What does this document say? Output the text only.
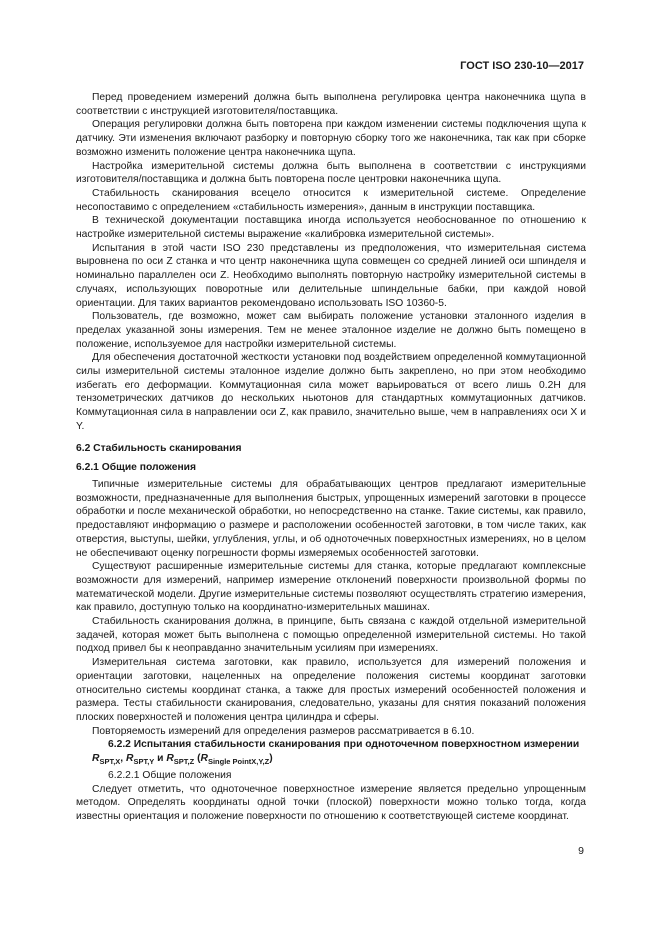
ГОСТ ISO 230-10—2017

Перед проведением измерений должна быть выполнена регулировка центра наконечника щупа в соответствии с инструкцией изготовителя/поставщика.

Операция регулировки должна быть повторена при каждом изменении системы подключения щупа к датчику. Эти изменения включают разборку и повторную сборку того же наконечника, так как при сборке возможно изменить положение центра наконечника щупа.

Настройка измерительной системы должна быть выполнена в соответствии с инструкциями изготовителя/поставщика и должна быть повторена после центровки наконечника щупа.

Стабильность сканирования всецело относится к измерительной системе. Определение несопоставимо с определением «стабильность измерения», данным в инструкции поставщика.

В технической документации поставщика иногда используется необоснованное по отношению к настройке измерительной системы выражение «калибровка измерительной системы».

Испытания в этой части ISO 230 представлены из предположения, что измерительная система выровнена по оси Z станка и что центр наконечника щупа совмещен со средней линией оси шпинделя и номинально параллелен оси Z. Необходимо выполнять повторную настройку измерительной системы в случаях, использующих поворотные или делительные шпиндельные бабки, при каждой новой ориентации. Для таких вариантов рекомендовано использовать ISO 10360-5.

Пользователь, где возможно, может сам выбирать положение установки эталонного изделия в пределах указанной зоны измерения. Тем не менее эталонное изделие не должно быть помещено в положение, используемое для настройки измерительной системы.

Для обеспечения достаточной жесткости установки под воздействием определенной коммутационной силы измерительной системы эталонное изделие должно быть закреплено, но при этом необходимо избегать его деформации. Коммутационная сила может варьироваться от всего лишь 0.2Н для тензометрических датчиков до нескольких ньютонов для стандартных коммутационных датчиков. Коммутационная сила в направлении оси Z, как правило, значительно выше, чем в направлениях оси X и Y.

6.2 Стабильность сканирования
6.2.1 Общие положения

Типичные измерительные системы для обрабатывающих центров предлагают измерительные возможности, предназначенные для выполнения быстрых, упрощенных измерений заготовки в процессе обработки и после механической обработки, но непосредственно на станке. Такие системы, как правило, предоставляют информацию о размере и расположении особенностей заготовки, в том числе таких, как отверстия, выступы, шейки, углубления, углы, и об одноточечных поверхностных измерениях, но в целом не обеспечивают оценку погрешности формы измеряемых особенностей заготовки.

Существуют расширенные измерительные системы для станка, которые предлагают комплексные возможности для измерений, например измерение отклонений поверхности произвольной формы по математической модели. Другие измерительные системы позволяют осуществлять стратегию измерения, как правило, доступную только на координатно-измерительных машинах.

Стабильность сканирования должна, в принципе, быть связана с каждой отдельной измерительной задачей, которая может быть выполнена с помощью определенной измерительной системы. Но такой подход привел бы к неоправданно значительным усилиям при измерениях.

Измерительная система заготовки, как правило, используется для измерений положения и ориентации заготовки, нацеленных на определение положения системы координат заготовки относительно системы координат станка, а также для простых измерений особенностей положения и размера. Тесты стабильности сканирования, следовательно, указаны для снятия показаний положения плоских поверхностей и положения центра цилиндра и сферы.

Повторяемость измерений для определения размеров рассматривается в 6.10.

6.2.2 Испытания стабильности сканирования при одноточечном поверхностном измерении

$R_{SPT,X}$, $R_{SPT,Y}$ и $R_{SPT,Z}$ $(R_{Single PointX,Y,Z})$

6.2.2.1 Общие положения

Следует отметить, что одноточечное поверхностное измерение является предельно упрощенным методом. Определять координаты одной точки (плоской) поверхности можно только тогда, когда известны ориентация и положение поверхности по отношению к соответствующей системе координат.

9
